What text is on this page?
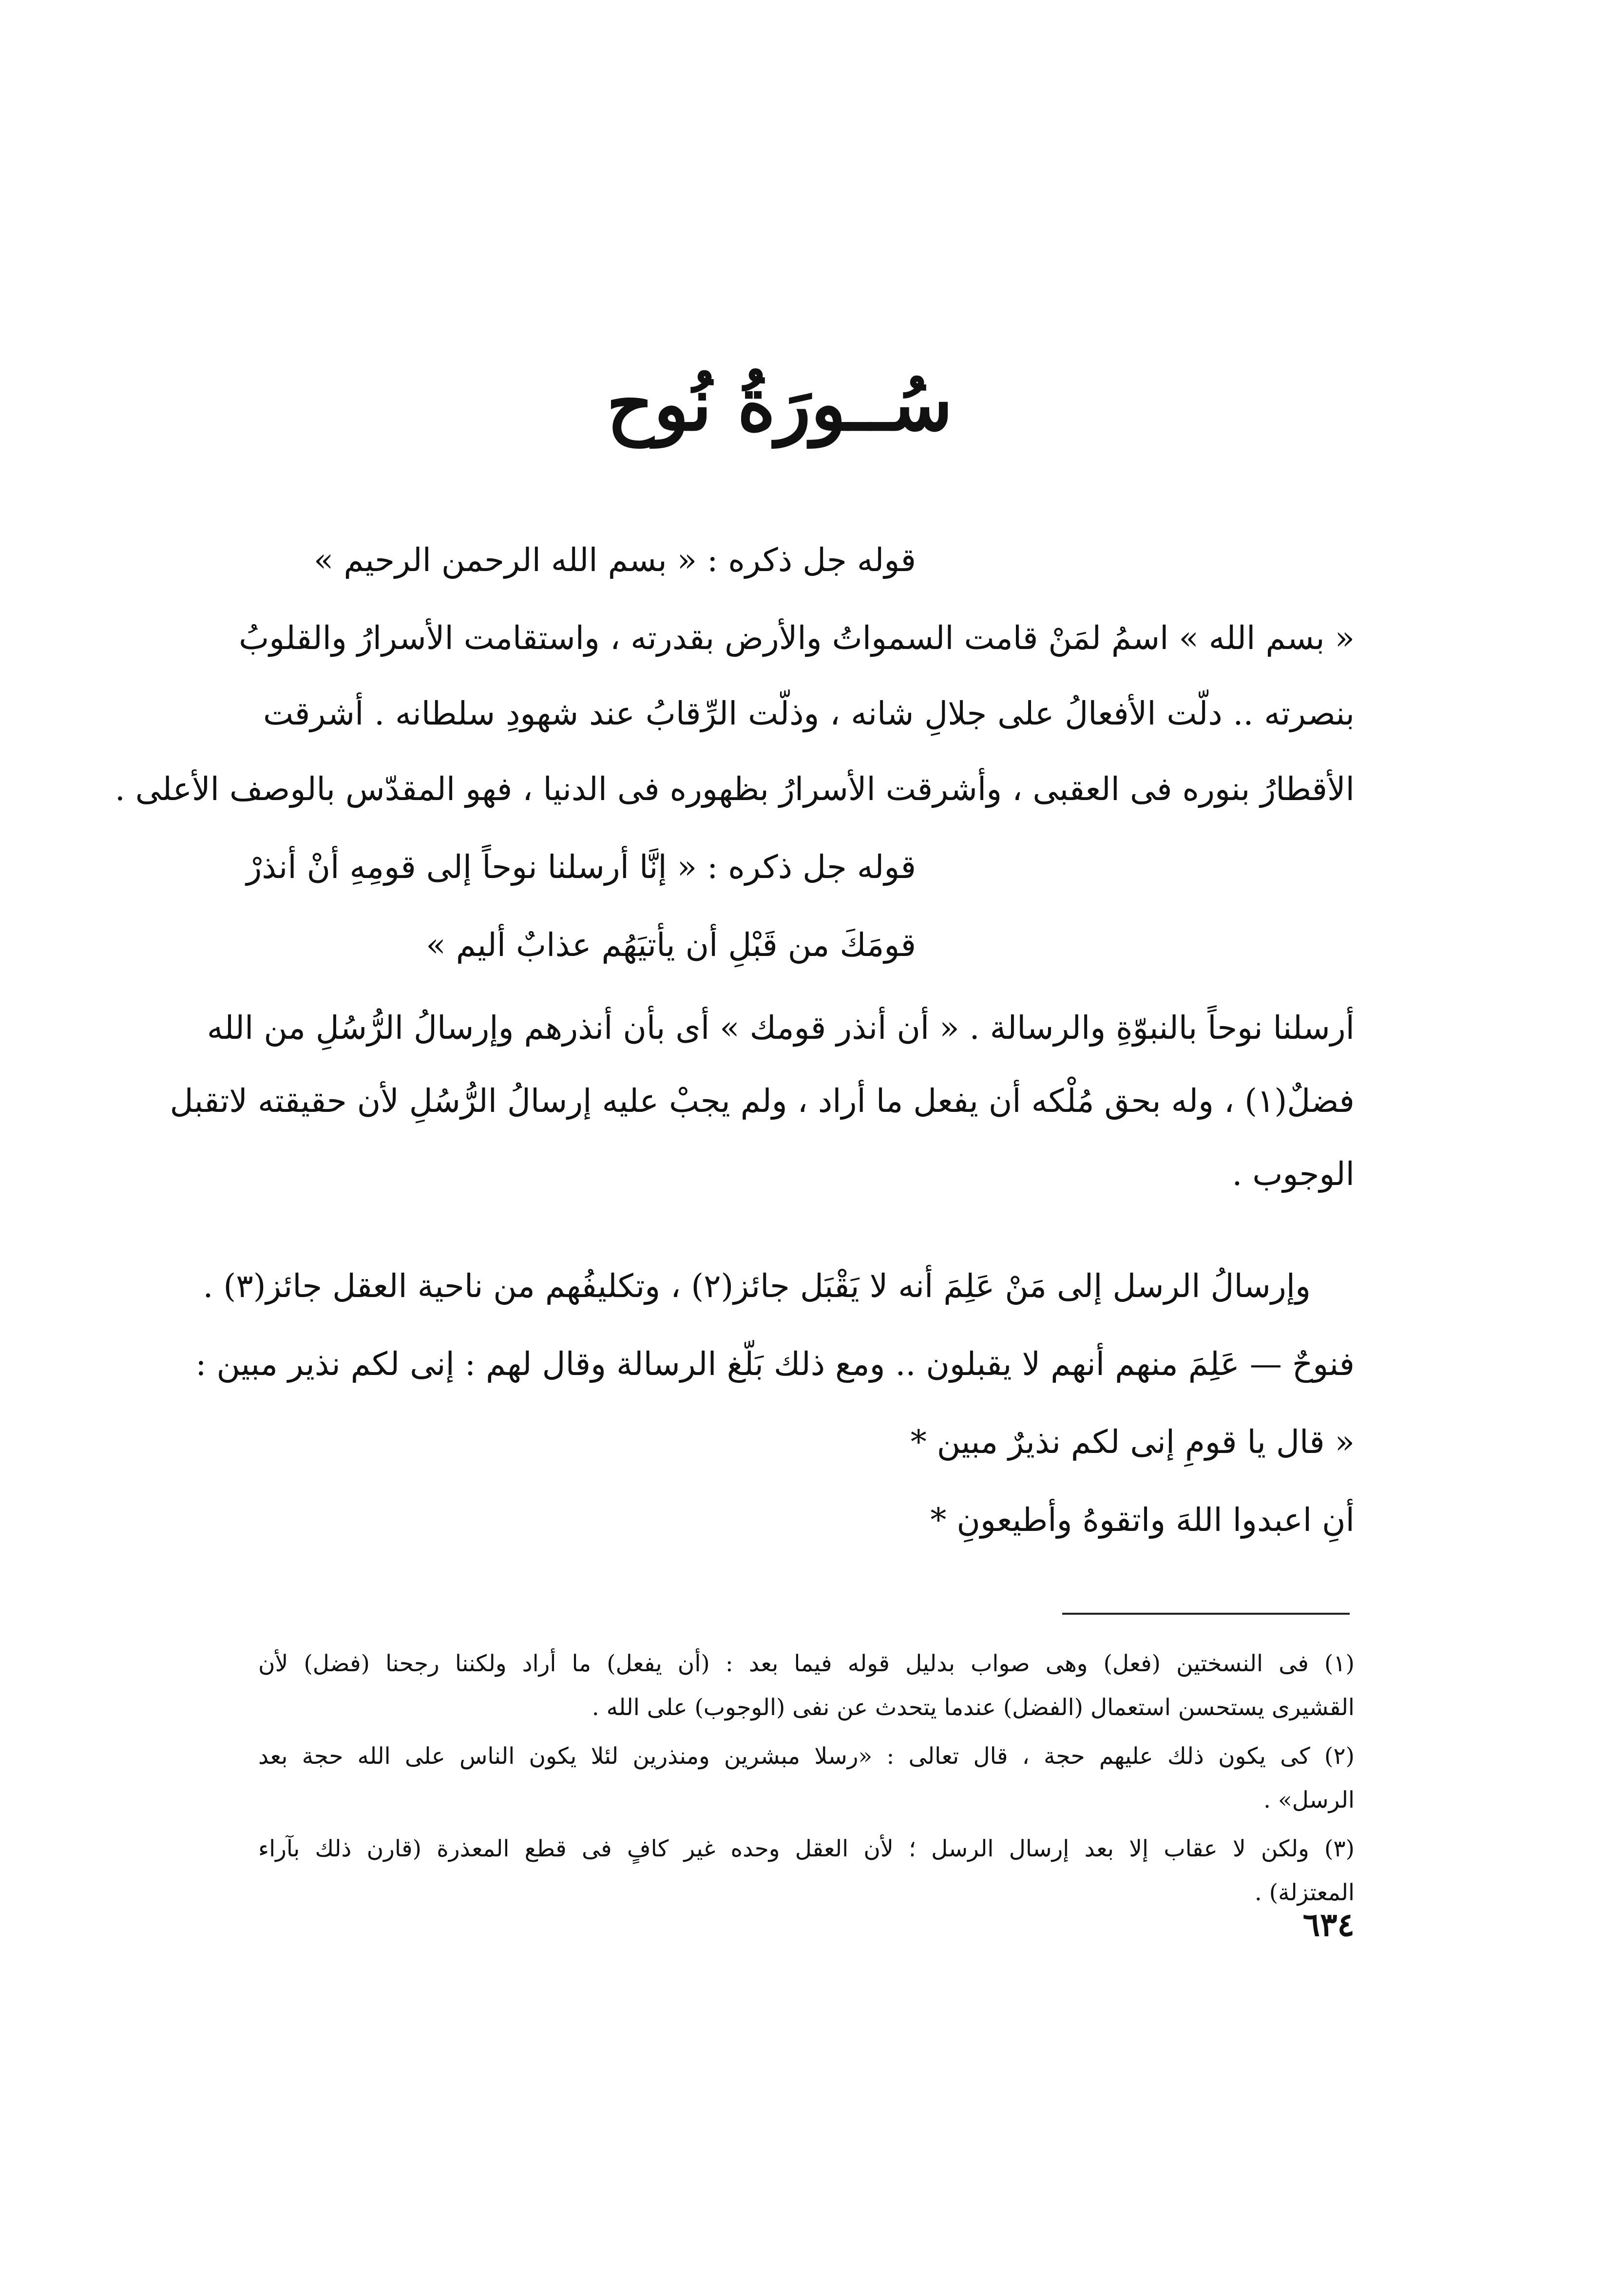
سُــورَةُ نُوح
قوله جل ذكره : « بسم الله الرحمن الرحيم »
« بسم الله » اسمُ لمَنْ قامت السمواتُ والأرض بقدرته ، واستقامت الأسرارُ والقلوبُ
بنصرته .. دلّت الأفعالُ على جلالِ شانه ، وذلّت الرِّقابُ عند شهودِ سلطانه . أشرقت
الأقطارُ بنوره فى العقبى ، وأشرقت الأسرارُ بظهوره فى الدنيا ، فهو المقدّس بالوصف الأعلى .
قوله جل ذكره : « إنَّا أرسلنا نوحاً إلى قومِهِ أنْ أنذرْ
قومَكَ من قَبْلِ أن يأتيَهُم عذابٌ أليم »
أرسلنا نوحاً بالنبوّةِ والرسالة . « أن أنذر قومك » أى بأن أنذرهم وإرسالُ الرُّسُلِ من الله
فضلٌ(١) ، وله بحق مُلْكه أن يفعل ما أراد ، ولم يجبْ عليه إرسالُ الرُّسُلِ لأن حقيقته لاتقبل
الوجوب .
وإرسالُ الرسل إلى مَنْ عَلِمَ أنه لا يَقْبَل جائز(٢) ، وتكليفُهم من ناحية العقل جائز(٣) .
فنوحٌ — عَلِمَ منهم أنهم لا يقبلون .. ومع ذلك بَلّغ الرسالة وقال لهم : إنى لكم نذير مبين :
« قال يا قومِ إنى لكم نذيرٌ مبين *
أنِ اعبدوا اللهَ واتقوهُ وأطيعونِ *
(١) فى النسختين (فعل) وهى صواب بدليل قوله فيما بعد : (أن يفعل) ما أراد ولكننا رجحنا (فضل) لأن
القشيرى يستحسن استعمال (الفضل) عندما يتحدث عن نفى (الوجوب) على الله .
(٢) كى يكون ذلك عليهم حجة ، قال تعالى : «رسلا مبشرين ومنذرين لئلا يكون الناس على الله حجة بعد
الرسل» .
(٣) ولكن لا عقاب إلا بعد إرسال الرسل ؛ لأن العقل وحده غير كافٍ فى قطع المعذرة (قارن ذلك بآراء
المعتزلة) .
٦٣٤
